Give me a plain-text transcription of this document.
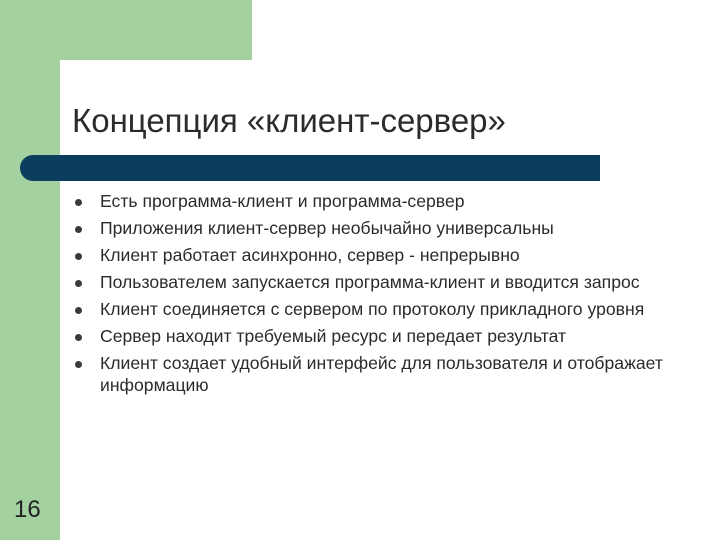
Концепция «клиент-сервер»
Есть программа-клиент и программа-сервер
Приложения клиент-сервер необычайно универсальны
Клиент работает асинхронно, сервер - непрерывно
Пользователем запускается программа-клиент и вводится запрос
Клиент соединяется с сервером по протоколу прикладного уровня
Сервер находит требуемый ресурс и передает результат
Клиент создает удобный интерфейс для пользователя и отображает информацию
16
